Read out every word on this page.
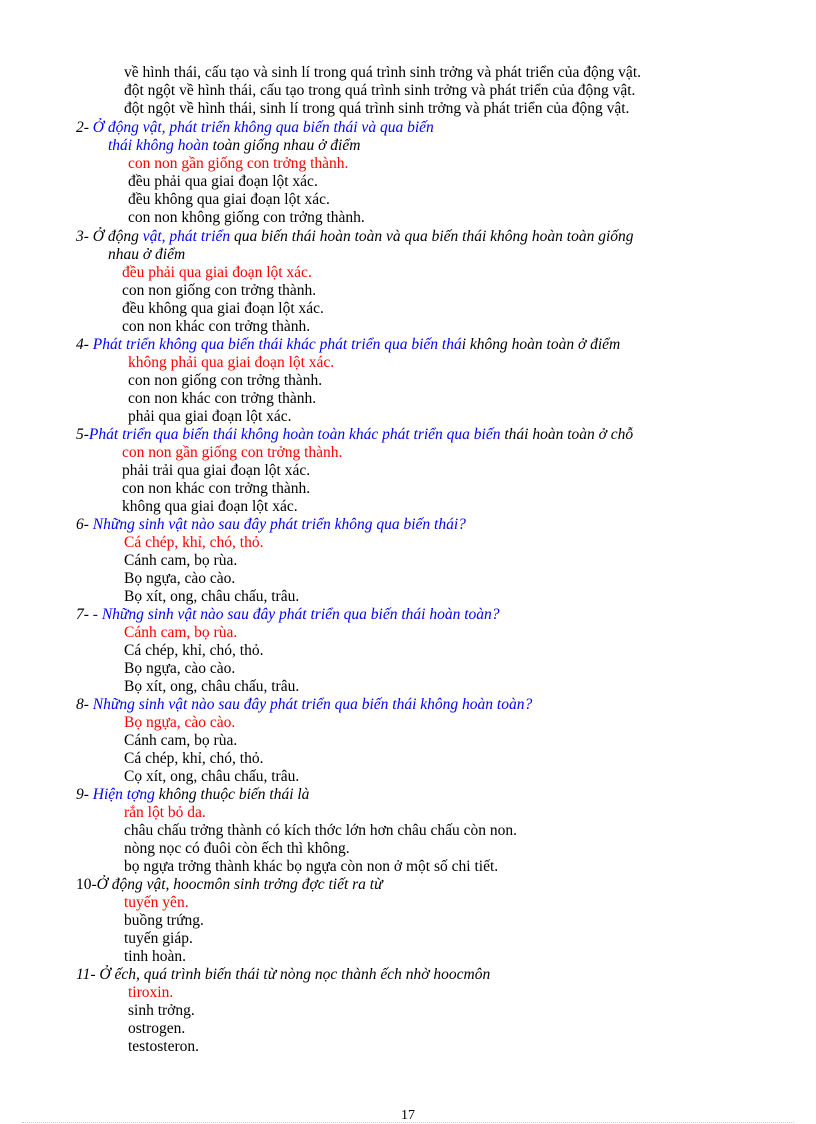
về hình thái, cấu tạo và sinh lí trong quá trình sinh trởng và phát triển của động vật.
đột ngột về hình thái, cấu tạo trong quá trình sinh trởng và phát triển của động vật.
đột ngột về hình thái, sinh lí trong quá trình sinh trởng và phát triển của động vật.
2- Ở động vật, phát triển không qua biến thái và qua biến
thái không hoàn toàn giống nhau ở điểm
con non gần giống con trởng thành.
đều phải qua giai đoạn lột xác.
đều không qua giai đoạn lột xác.
con non không giống con trởng thành.
3- Ở động vật, phát triển qua biến thái hoàn toàn và qua biến thái không hoàn toàn giống
nhau ở điểm
đều phải qua giai đoạn lột xác.
con non giống con trởng thành.
đều không qua giai đoạn lột xác.
con non khác con trởng thành.
4- Phát triển không qua biến thái khác phát triển qua biến thái không hoàn toàn ở điểm
không phải qua giai đoạn lột xác.
con non giống con trởng thành.
con non khác con trởng thành.
phải qua giai đoạn lột xác.
5-Phát triển qua biến thái không hoàn toàn khác phát triển qua biến thái hoàn toàn ở chỗ
con non gần giống con trởng thành.
phải trải qua giai đoạn lột xác.
con non khác con trởng thành.
không qua giai đoạn lột xác.
6- Những sinh vật nào sau đây phát triển không qua biến thái?
Cá chép, khỉ, chó, thỏ.
Cánh cam, bọ rùa.
Bọ ngựa, cào cào.
Bọ xít, ong, châu chấu, trâu.
7- - Những sinh vật nào sau đây phát triển qua biến thái hoàn toàn?
Cánh cam, bọ rùa.
Cá chép, khỉ, chó, thỏ.
Bọ ngựa, cào cào.
Bọ xít, ong, châu chấu, trâu.
8- Những sinh vật nào sau đây phát triển qua biến thái không hoàn toàn?
Bọ ngựa, cào cào.
Cánh cam, bọ rùa.
Cá chép, khỉ, chó, thỏ.
Cọ xít, ong, châu chấu, trâu.
9- Hiện tợng không thuộc biến thái là
rắn lột bỏ da.
châu chấu trởng thành có kích thớc lớn hơn châu chấu còn non.
nòng nọc có đuôi còn ếch thì không.
bọ ngựa trởng thành khác bọ ngựa còn non ở một số chi tiết.
10-Ở động vật, hoocmôn sinh trởng đợc tiết ra từ
tuyến yên.
buồng trứng.
tuyến giáp.
tinh hoàn.
11- Ở ếch, quá trình biến thái từ nòng nọc thành ếch nhờ hoocmôn
tiroxin.
sinh trởng.
ostrogen.
testosteron.
17
